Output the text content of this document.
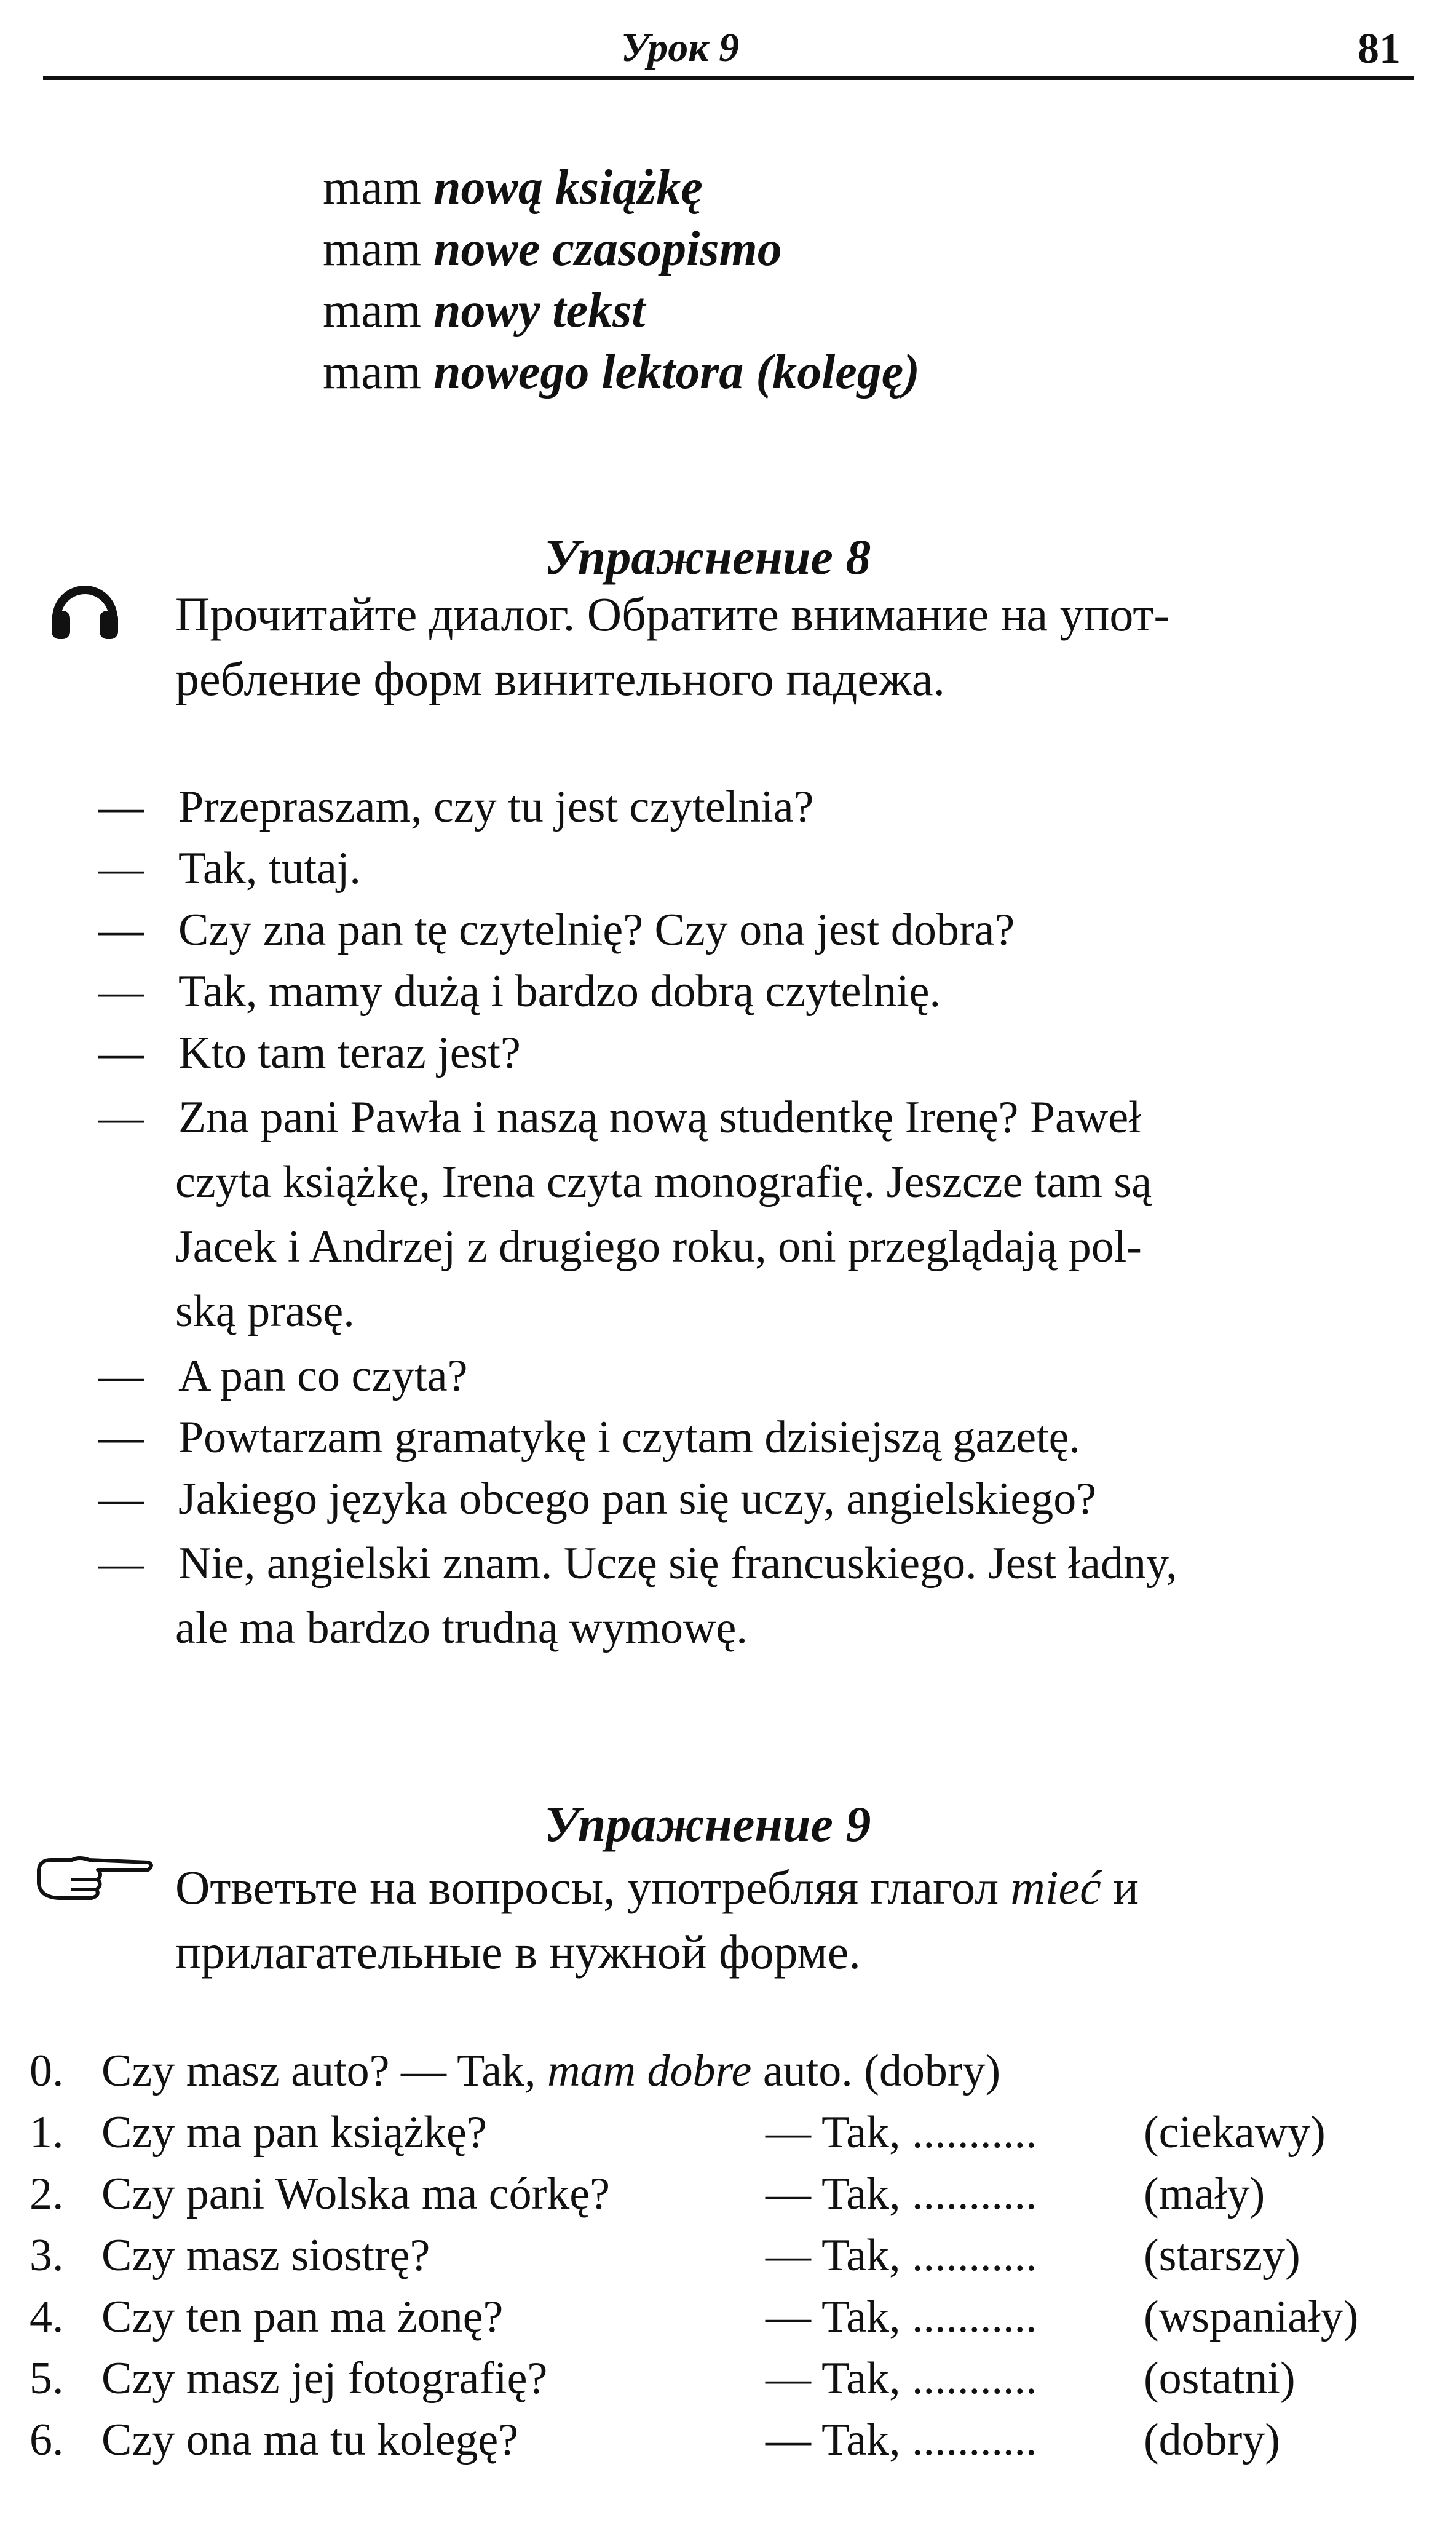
Урок 9	81
mam nową książkę
mam nowe czasopismo
mam nowy tekst
mam nowego lektora (kolegę)
Упражнение 8
Прочитайте диалог. Обратите внимание на упот-
ребление форм винительного падежа.
— Przepraszam, czy tu jest czytelnia?
— Tak, tutaj.
— Czy zna pan tę czytelnię? Czy ona jest dobra?
— Tak, mamy dużą i bardzo dobrą czytelnię.
— Kto tam teraz jest?
— Zna pani Pawła i naszą nową studentkę Irenę? Paweł
czyta książkę, Irena czyta monografię. Jeszcze tam są
Jacek i Andrzej z drugiego roku, oni przeglądają pol-
ską prasę.
— A pan co czyta?
— Powtarzam gramatykę i czytam dzisiejszą gazetę.
— Jakiego języka obcego pan się uczy, angielskiego?
— Nie, angielski znam. Uczę się francuskiego. Jest ładny,
ale ma bardzo trudną wymowę.
Упражнение 9
Ответьте на вопросы, употребляя глагол mieć и
прилагательные в нужной форме.
0. Czy masz auto? — Tak, mam dobre auto. (dobry)
1. Czy ma pan książkę?	— Tak, ........... (ciekawy)
2. Czy pani Wolska ma córkę?	— Tak, ........... (mały)
3. Czy masz siostrę?	— Tak, ........... (starszy)
4. Czy ten pan ma żonę?	— Tak, ........... (wspaniały)
5. Czy masz jej fotografię?	— Tak, ........... (ostatni)
6. Czy ona ma tu kolegę?	— Tak, ........... (dobry)
